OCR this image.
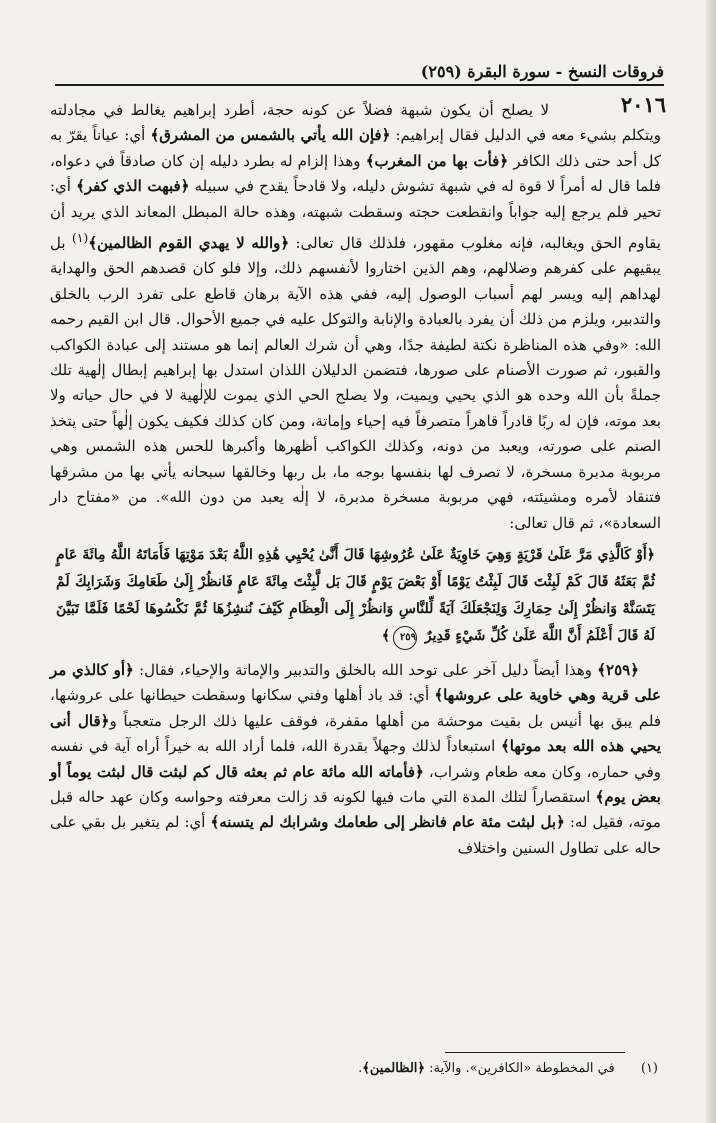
فروقات النسخ - سورة البقرة (٢٥٩)
٢٠١٦

لا يصلح أن يكون شبهة فضلاً عن كونه حجة، أطرد إبراهيم يغالط في مجادلته ويتكلم بشيء معه في الدليل فقال إبراهيم: ﴿فإن الله يأتي بالشمس من المشرق﴾ أي: عياناً يقرّ به كل أحد حتى ذلك الكافر ﴿فأت بها من المغرب﴾ وهذا إلزام له بطرد دليله إن كان صادقاً في دعواه، فلما قال له أمراً لا قوة له في شبهة تشوش دليله، ولا قادحاً يقدح في سبيله ﴿فبهت الذي كفر﴾ أي: تحير فلم يرجع إليه جواباً وانقطعت حجته وسقطت شبهته، وهذه حالة المبطل المعاند الذي يريد أن يقاوم الحق ويغالبه، فإنه مغلوب مقهور، فلذلك قال تعالى: ﴿والله لا يهدي القوم الظالمين﴾$^{(١)}$ بل يبقيهم على كفرهم وضلالهم، وهم الذين اختاروا لأنفسهم ذلك، وإلا فلو كان قصدهم الحق والهداية لهداهم إليه ويسر لهم أسباب الوصول إليه، ففي هذه الآية برهان قاطع على تفرد الرب بالخلق والتدبير، ويلزم من ذلك أن يفرد بالعبادة والإنابة والتوكل عليه في جميع الأحوال. قال ابن القيم رحمه الله: «وفي هذه المناظرة نكتة لطيفة جدًا، وهي أن شرك العالم إنما هو مستند إلى عبادة الكواكب والقبور، ثم صورت الأصنام على صورها، فتضمن الدليلان اللذان استدل بها إبراهيم إبطال إلٰهية تلك جملةً بأن الله وحده هو الذي يحيي ويميت، ولا يصلح الحي الذي يموت للإلٰهية لا في حال حياته ولا بعد موته، فإن له ربًا قادراً قاهراً متصرفاً فيه إحياء وإماتة، ومن كان كذلك فكيف يكون إلٰهاً حتى يتخذ الصنم على صورته، ويعبد من دونه، وكذلك الكواكب أظهرها وأكبرها للحس هذه الشمس وهي مربوبة مدبرة مسخرة، لا تصرف لها بنفسها بوجه ما، بل ربها وخالقها سبحانه يأتي بها من مشرقها فتنقاد لأمره ومشيئته، فهي مربوبة مسخرة مدبرة، لا إلٰه يعبد من دون الله». من «مفتاح دار السعادة»، ثم قال تعالى:

﴿أَوْ كَالَّذِي مَرَّ عَلَىٰ قَرْيَةٍ وَهِيَ خَاوِيَةٌ عَلَىٰ عُرُوشِهَا قَالَ أَنَّىٰ يُحْيِي هَٰذِهِ اللَّهُ بَعْدَ مَوْتِهَا فَأَمَاتَهُ اللَّهُ مِائَةَ عَامٍ ثُمَّ بَعَثَهُ قَالَ كَمْ لَبِثْتَ قَالَ لَبِثْتُ يَوْمًا أَوْ بَعْضَ يَوْمٍ قَالَ بَل لَّبِثْتَ مِائَةَ عَامٍ فَانظُرْ إِلَىٰ طَعَامِكَ وَشَرَابِكَ لَمْ يَتَسَنَّهْ وَانظُرْ إِلَىٰ حِمَارِكَ وَلِنَجْعَلَكَ آيَةً لِّلنَّاسِ وَانظُرْ إِلَى الْعِظَامِ كَيْفَ نُنشِزُهَا ثُمَّ نَكْسُوهَا لَحْمًا فَلَمَّا تَبَيَّنَ لَهُ قَالَ أَعْلَمُ أَنَّ اللَّهَ عَلَىٰ كُلِّ شَيْءٍ قَدِيرٌ ٢٥٩﴾

﴿٢٥٩﴾ وهذا أيضاً دليل آخر على توحد الله بالخلق والتدبير والإماتة والإحياء، فقال: ﴿أو كالذي مر على قرية وهي خاوية على عروشها﴾ أي: قد باد أهلها وفني سكانها وسقطت حيطانها على عروشها، فلم يبق بها أنيس بل بقيت موحشة من أهلها مقفرة، فوقف عليها ذلك الرجل متعجباً و﴿قال أنى يحيي هذه الله بعد موتها﴾ استبعاداً لذلك وجهلاً بقدرة الله، فلما أراد الله به خيراً أراه آية في نفسه وفي حماره، وكان معه طعام وشراب، ﴿فأماته الله مائة عام ثم بعثه قال كم لبثت قال لبثت يوماً أو بعض يوم﴾ استقصاراً لتلك المدة التي مات فيها لكونه قد زالت معرفته وحواسه وكان عهد حاله قبل موته، فقيل له: ﴿بل لبثت مئة عام فانظر إلى طعامك وشرابك لم يتسنه﴾ أي: لم يتغير بل بقي على حاله على تطاول السنين واختلاف

(١) في المخطوطة «الكافرين». والآية: ﴿الظالمين﴾.
